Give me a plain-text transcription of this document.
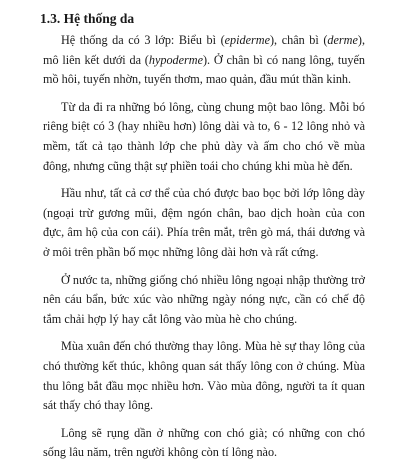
1.3. Hệ thống da

Hệ thống da có 3 lớp: Biểu bì (epiderme), chân bì (derme), mô liên kết dưới da (hypoderme). Ở chân bì có nang lông, tuyến mồ hôi, tuyến nhờn, tuyến thơm, mao quản, đầu mút thần kinh.

Từ da đi ra những bó lông, cùng chung một bao lông. Mỗi bó riêng biệt có 3 (hay nhiều hơn) lông dài và to, 6 - 12 lông nhỏ và mềm, tất cả tạo thành lớp che phủ dày và ấm cho chó về mùa đông, nhưng cũng thật sự phiền toái cho chúng khi mùa hè đến.

Hầu như, tất cả cơ thể của chó được bao bọc bởi lớp lông dày (ngoại trừ gương mũi, đệm ngón chân, bao dịch hoàn của con đực, âm hộ của con cái). Phía trên mắt, trên gò má, thái dương và ở môi trên phần bố mọc những lông dài hơn và rất cứng.

Ở nước ta, những giống chó nhiều lông ngoại nhập thường trở nên cáu bẩn, bức xúc vào những ngày nóng nực, cần có chế độ tắm chải hợp lý hay cắt lông vào mùa hè cho chúng.

Mùa xuân đến chó thường thay lông. Mùa hè sự thay lông của chó thường kết thúc, không quan sát thấy lông con ở chúng. Mùa thu lông bắt đầu mọc nhiều hơn. Vào mùa đông, người ta ít quan sát thấy chó thay lông.

Lông sẽ rụng dần ở những con chó già; có những con chó sống lâu năm, trên người không còn tí lông nào.
